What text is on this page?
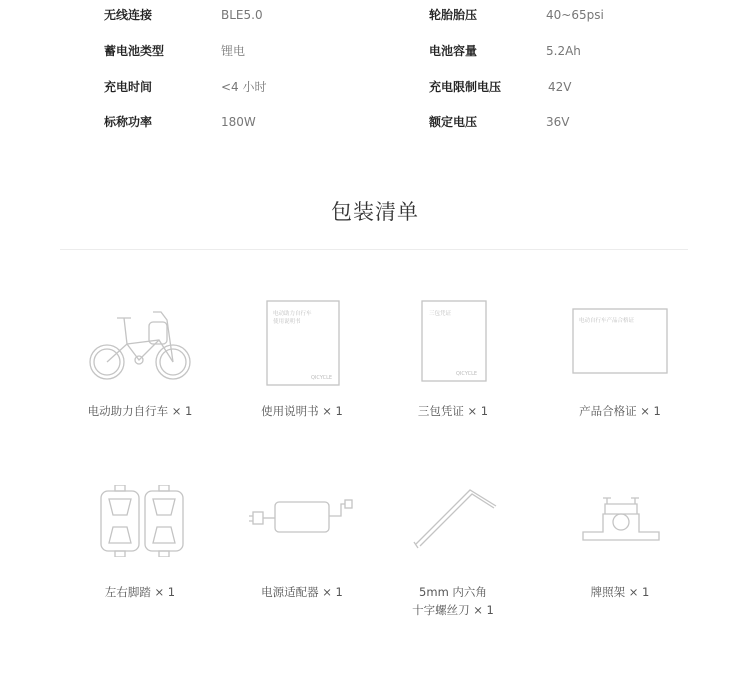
无线连接	BLE5.0	轮胎胎压	40~65psi
蓄电池类型	锂电	电池容量	5.2Ah
充电时间	<4 小时	充电限制电压	42V
标称功率	180W	额定电压	36V
包装清单
电动助力自行车 × 1
电动助力自行车
使用说明书
QICYCLE
使用说明书 × 1
三包凭证
QICYCLE
三包凭证 × 1
电动自行车产品合格证
产品合格证 × 1
左右脚踏 × 1	电源适配器 × 1	5mm 内六角
十字螺丝刀 × 1
牌照架 × 1
